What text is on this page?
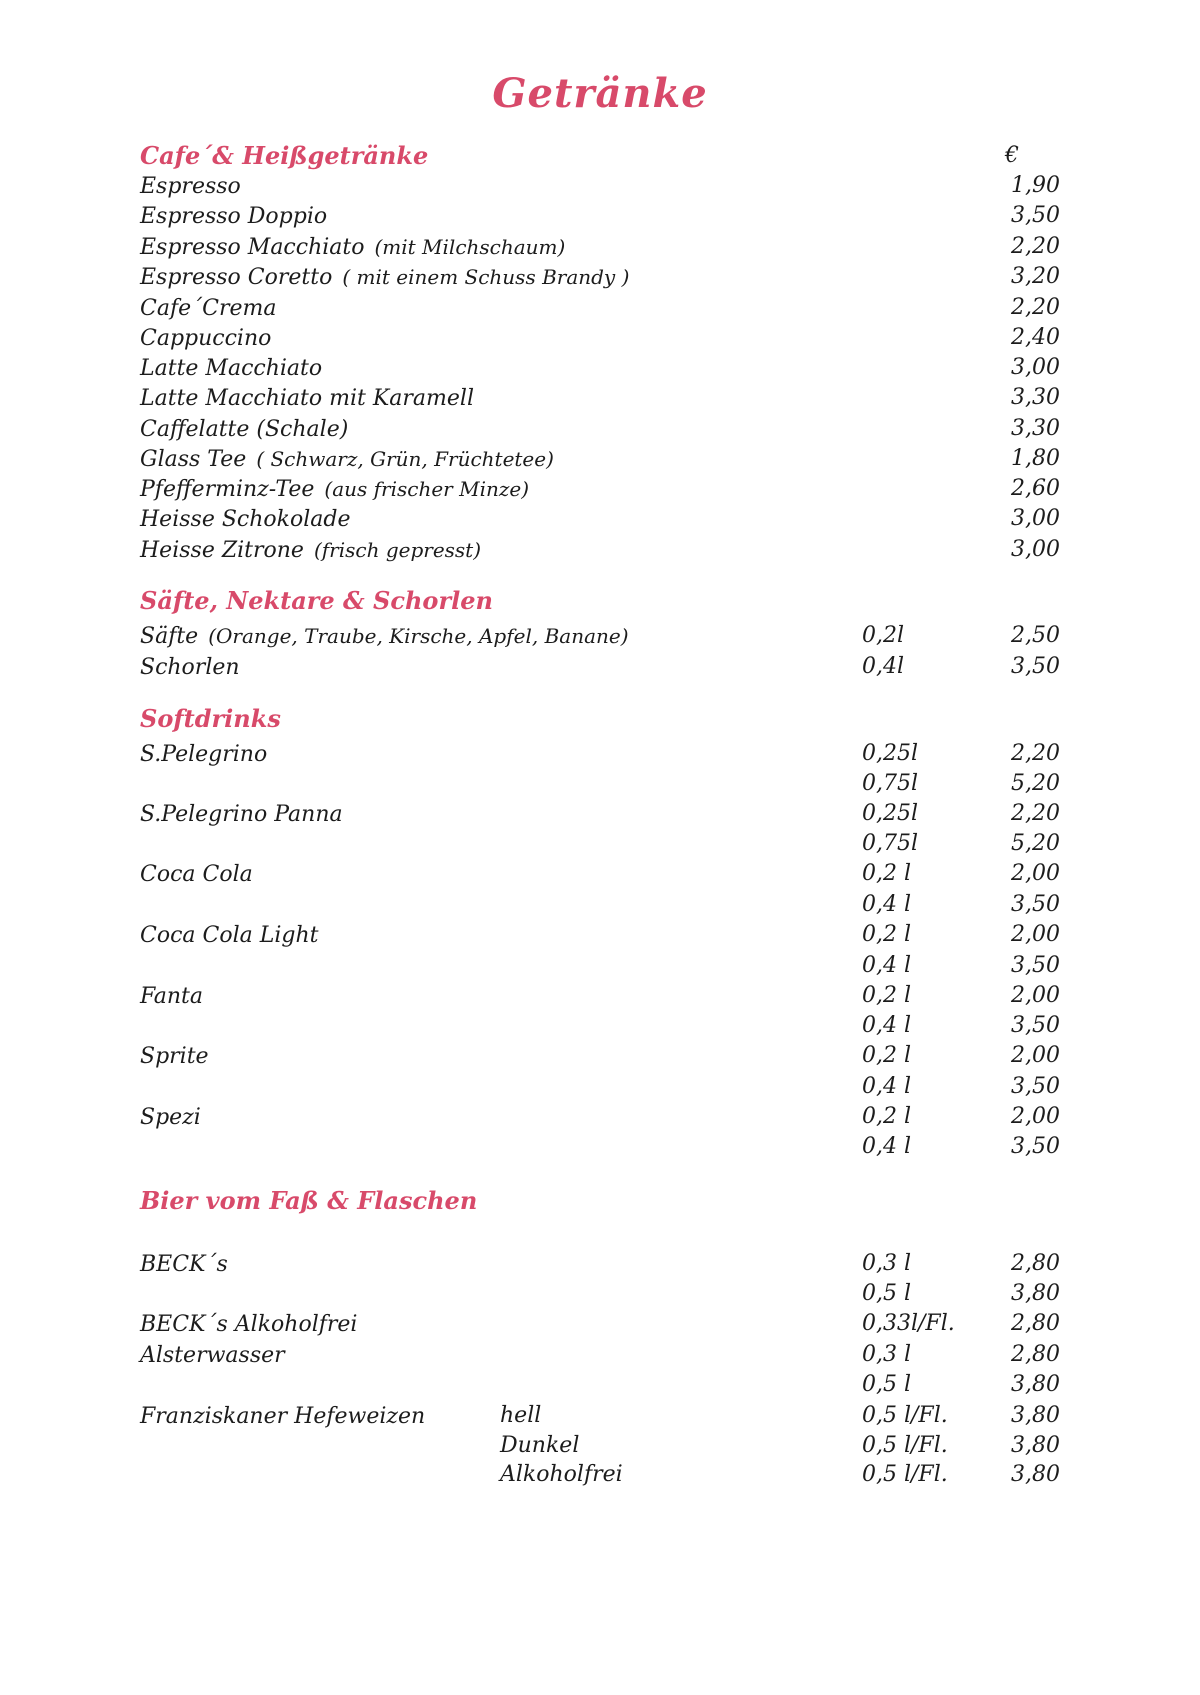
Getränke
€
Cafe´& Heißgetränke
Espresso	1,90
Espresso Doppio	3,50
Espresso Macchiato (mit Milchschaum)	2,20
Espresso Coretto ( mit einem Schuss Brandy )	3,20
Cafe´Crema	2,20
Cappuccino	2,40
Latte Macchiato	3,00
Latte Macchiato mit Karamell	3,30
Caffelatte (Schale)	3,30
Glass Tee ( Schwarz, Grün, Früchtetee)	1,80
Pfefferminz-Tee (aus frischer Minze)	2,60
Heisse Schokolade	3,00
Heisse Zitrone (frisch gepresst)	3,00
Säfte, Nektare & Schorlen
Säfte (Orange, Traube, Kirsche, Apfel, Banane)	0,2l	2,50
Schorlen	0,4l	3,50
Softdrinks
S.Pelegrino	0,25l	2,20
0,75l	5,20
S.Pelegrino Panna	0,25l	2,20
0,75l	5,20
Coca Cola	0,2 l	2,00
0,4 l	3,50
Coca Cola Light	0,2 l	2,00
0,4 l	3,50
Fanta	0,2 l	2,00
0,4 l	3,50
Sprite	0,2 l	2,00
0,4 l	3,50
Spezi	0,2 l	2,00
0,4 l	3,50
Bier vom Faß & Flaschen
BECK´s	0,3 l	2,80
0,5 l	3,80
BECK´s Alkoholfrei	0,33l/Fl.	2,80
Alsterwasser	0,3 l	2,80
0,5 l	3,80
Franziskaner Hefeweizen	hell	0,5 l/Fl.	3,80
Dunkel	0,5 l/Fl.	3,80
Alkoholfrei	0,5 l/Fl.	3,80
